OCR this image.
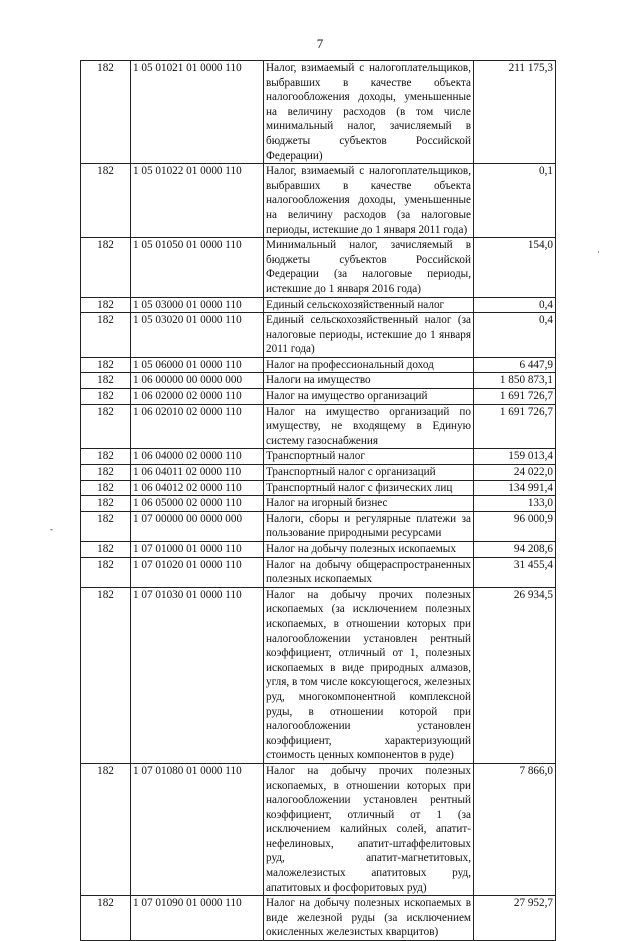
7
182	1 05 01021 01 0000 110	Налог, взимаемый с налогоплательщиков, выбравших в качестве объекта налогообложения доходы, уменьшенные на величину расходов (в том числе минимальный налог, зачисляемый в бюджеты субъектов Российской Федерации)	211 175,3
182	1 05 01022 01 0000 110	Налог, взимаемый с налогоплательщиков, выбравших в качестве объекта налогообложения доходы, уменьшенные на величину расходов (за налоговые периоды, истекшие до 1 января 2011 года)	0,1
182	1 05 01050 01 0000 110	Минимальный налог, зачисляемый в бюджеты субъектов Российской Федерации (за налоговые периоды, истекшие до 1 января 2016 года)	154,0
182	1 05 03000 01 0000 110	Единый сельскохозяйственный налог	0,4
182	1 05 03020 01 0000 110	Единый сельскохозяйственный налог (за налоговые периоды, истекшие до 1 января 2011 года)	0,4
182	1 05 06000 01 0000 110	Налог на профессиональный доход	6 447,9
182	1 06 00000 00 0000 000	Налоги на имущество	1 850 873,1
182	1 06 02000 02 0000 110	Налог на имущество организаций	1 691 726,7
182	1 06 02010 02 0000 110	Налог на имущество организаций по имуществу, не входящему в Единую систему газоснабжения	1 691 726,7
182	1 06 04000 02 0000 110	Транспортный налог	159 013,4
182	1 06 04011 02 0000 110	Транспортный налог с организаций	24 022,0
182	1 06 04012 02 0000 110	Транспортный налог с физических лиц	134 991,4
182	1 06 05000 02 0000 110	Налог на игорный бизнес	133,0
182	1 07 00000 00 0000 000	Налоги, сборы и регулярные платежи за пользование природными ресурсами	96 000,9
182	1 07 01000 01 0000 110	Налог на добычу полезных ископаемых	94 208,6
182	1 07 01020 01 0000 110	Налог на добычу общераспространенных полезных ископаемых	31 455,4
182	1 07 01030 01 0000 110	Налог на добычу прочих полезных ископаемых (за исключением полезных ископаемых, в отношении которых при налогообложении установлен рентный коэффициент, отличный от 1, полезных ископаемых в виде природных алмазов, угля, в том числе коксующегося, железных руд, многокомпонентной комплексной руды, в отношении которой при налогообложении установлен коэффициент, характеризующий стоимость ценных компонентов в руде)	26 934,5
182	1 07 01080 01 0000 110	Налог на добычу прочих полезных ископаемых, в отношении которых при налогообложении установлен рентный коэффициент, отличный от 1 (за исключением калийных солей, апатит-нефелиновых, апатит-штаффелитовых руд, апатит-магнетитовых, маложелезистых апатитовых руд, апатитовых и фосфоритовых руд)	7 866,0
182	1 07 01090 01 0000 110	Налог на добычу полезных ископаемых в виде железной руды (за исключением окисленных железистых кварцитов)	27 952,7
·
-
